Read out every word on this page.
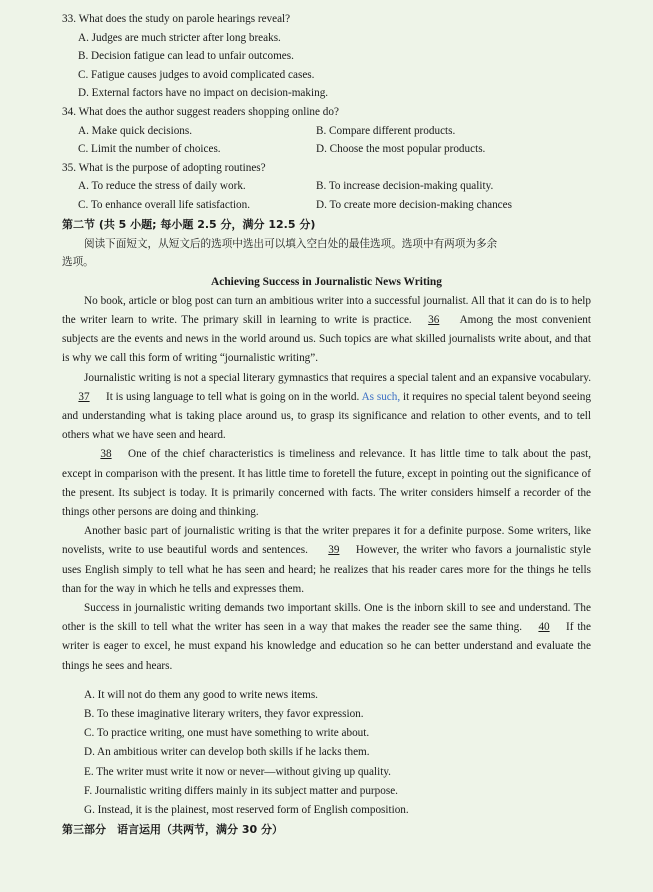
33. What does the study on parole hearings reveal?
A. Judges are much stricter after long breaks.
B. Decision fatigue can lead to unfair outcomes.
C. Fatigue causes judges to avoid complicated cases.
D. External factors have no impact on decision-making.
34. What does the author suggest readers shopping online do?
A. Make quick decisions.	B. Compare different products.
C. Limit the number of choices.	D. Choose the most popular products.
35. What is the purpose of adopting routines?
A. To reduce the stress of daily work.	B. To increase decision-making quality.
C. To enhance overall life satisfaction.	D. To create more decision-making chances
第二节 (共 5 小题; 每小题 2.5 分，满分 12.5 分)
阅读下面短文，从短文后的选项中选出可以填入空白处的最佳选项。选项中有两项为多余
选项。
Achieving Success in Journalistic News Writing
No book, article or blog post can turn an ambitious writer into a successful journalist. All that it can do is to help the writer learn to write. The primary skill in learning to write is practice. 36 Among the most convenient subjects are the events and news in the world around us. Such topics are what skilled journalists write about, and that is why we call this form of writing “journalistic writing”.
Journalistic writing is not a special literary gymnastics that requires a special talent and an expansive vocabulary.37 It is using language to tell what is going on in the world. As such, it requires no special talent beyond seeing and understanding what is taking place around us, to grasp its significance and relation to other events, and to tell others what we have seen and heard.
38 One of the chief characteristics is timeliness and relevance. It has little time to talk about the past, except in comparison with the present. It has little time to foretell the future, except in pointing out the significance of the present. Its subject is today. It is primarily concerned with facts. The writer considers himself a recorder of the things other persons are doing and thinking.
Another basic part of journalistic writing is that the writer prepares it for a definite purpose. Some writers, like novelists, write to use beautiful words and sentences. 39 However, the writer who favors a journalistic style uses English simply to tell what he has seen and heard; he realizes that his reader cares more for the things he tells than for the way in which he tells and expresses them.
Success in journalistic writing demands two important skills. One is the inborn skill to see and understand. The other is the skill to tell what the writer has seen in a way that makes the reader see the same thing. 40 If the writer is eager to excel, he must expand his knowledge and education so he can better understand and evaluate the things he sees and hears.
A. It will not do them any good to write news items.
B. To these imaginative literary writers, they favor expression.
C. To practice writing, one must have something to write about.
D. An ambitious writer can develop both skills if he lacks them.
E. The writer must write it now or never—without giving up quality.
F. Journalistic writing differs mainly in its subject matter and purpose.
G. Instead, it is the plainest, most reserved form of English composition.
第三部分　语言运用（共两节，满分 30 分）
